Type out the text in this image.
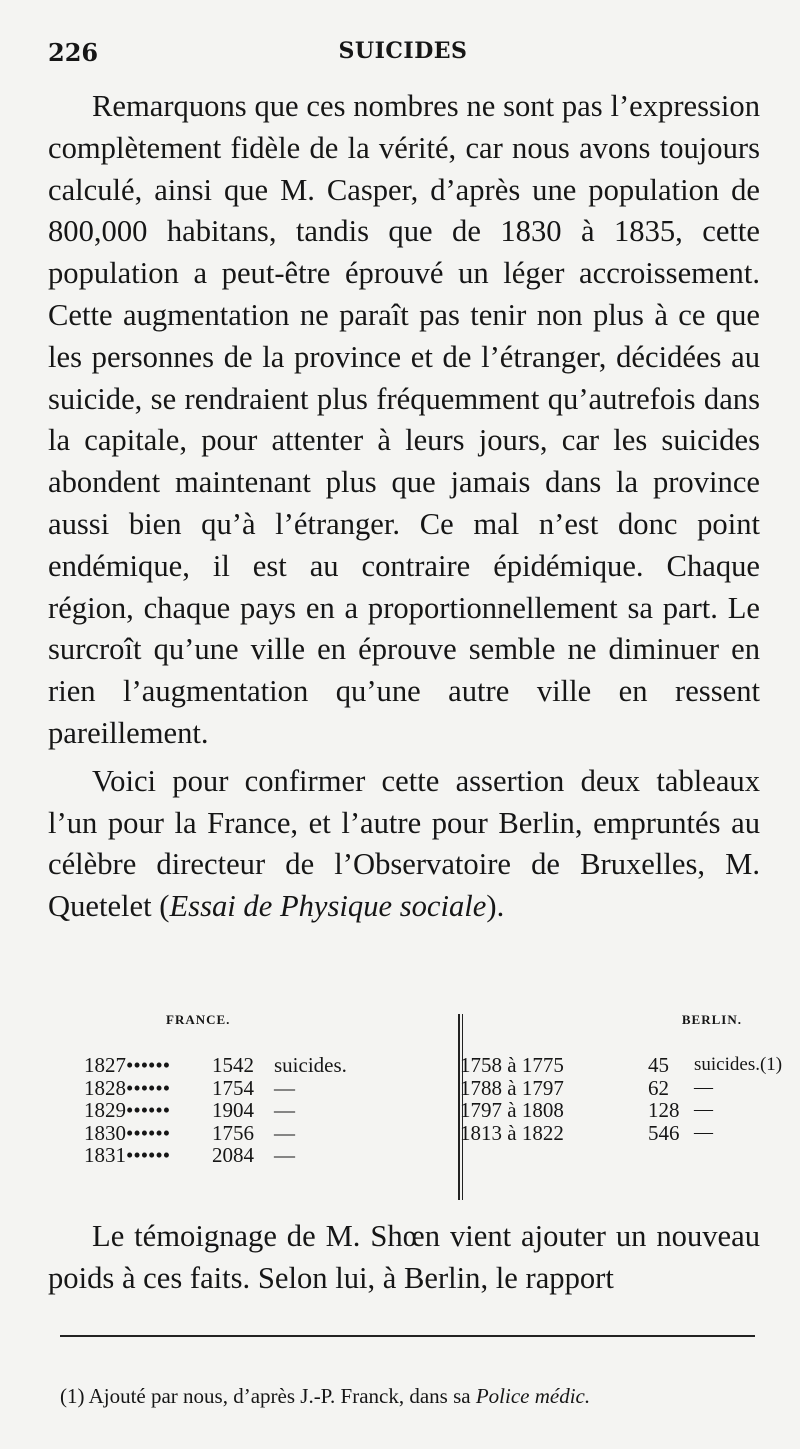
226	SUICIDES

Remarquons que ces nombres ne sont pas l’expression complètement fidèle de la vérité, car nous avons toujours calculé, ainsi que M. Casper, d’après une population de 800,000 habitans, tandis que de 1830 à 1835, cette population a peut-être éprouvé un léger accroissement. Cette augmentation ne paraît pas tenir non plus à ce que les personnes de la province et de l’étranger, décidées au suicide, se rendraient plus fréquemment qu’autrefois dans la capitale, pour attenter à leurs jours, car les suicides abondent maintenant plus que jamais dans la province aussi bien qu’à l’étranger. Ce mal n’est donc point endémique, il est au contraire épidémique. Chaque région, chaque pays en a proportionnellement sa part. Le surcroît qu’une ville en éprouve semble ne diminuer en rien l’augmentation qu’une autre ville en ressent pareillement.

Voici pour confirmer cette assertion deux tableaux l’un pour la France, et l’autre pour Berlin, empruntés au célèbre directeur de l’Observatoire de Bruxelles, M. Quetelet (Essai de Physique sociale).

Le témoignage de M. Shœn vient ajouter un nouveau poids à ces faits. Selon lui, à Berlin, le rapport

FRANCE.
1827••••••	1542 suicides.
1828••••••	1754 —
1829••••••	1904 —
1830••••••	1756 —
1831••••••	2084 —
BERLIN.
1758 à 1775	45	suicides.(1)
1788 à 1797	62	—
1797 à 1808	128 —
1813 à 1822	546 —
(1) Ajouté par nous, d’après J.-P. Franck, dans sa Police médic.
